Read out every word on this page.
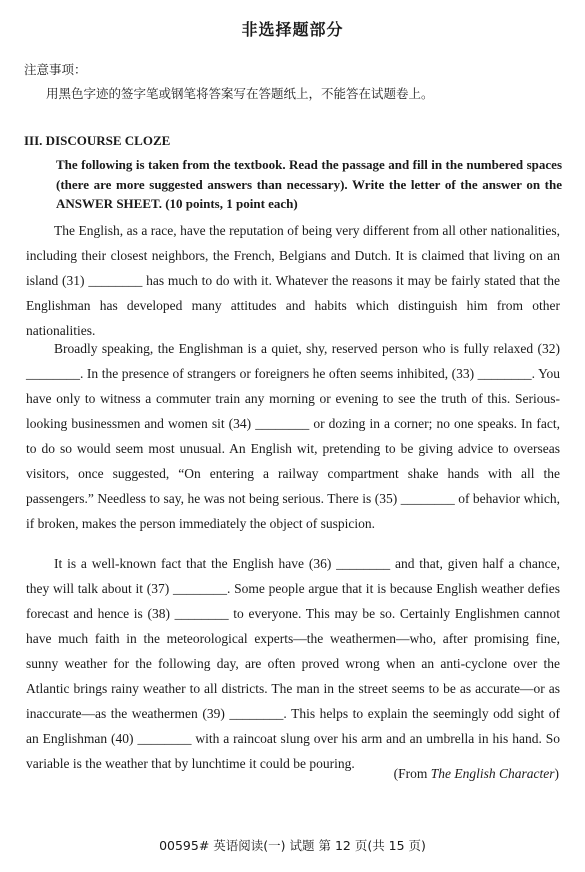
非选择题部分
注意事项：
用黑色字迹的签字笔或钢笔将答案写在答题纸上，不能答在试题卷上。
III. DISCOURSE CLOZE
The following is taken from the textbook. Read the passage and fill in the numbered spaces (there are more suggested answers than necessary). Write the letter of the answer on the ANSWER SHEET. (10 points, 1 point each)

The English, as a race, have the reputation of being very different from all other nationalities, including their closest neighbors, the French, Belgians and Dutch. It is claimed that living on an island (31) ________ has much to do with it. Whatever the reasons it may be fairly stated that the Englishman has developed many attitudes and habits which distinguish him from other nationalities.

Broadly speaking, the Englishman is a quiet, shy, reserved person who is fully relaxed (32) ________. In the presence of strangers or foreigners he often seems inhibited, (33) ________. You have only to witness a commuter train any morning or evening to see the truth of this. Serious-looking businessmen and women sit (34) ________ or dozing in a corner; no one speaks. In fact, to do so would seem most unusual. An English wit, pretending to be giving advice to overseas visitors, once suggested, “On entering a railway compartment shake hands with all the passengers.” Needless to say, he was not being serious. There is (35) ________ of behavior which, if broken, makes the person immediately the object of suspicion.

It is a well-known fact that the English have (36) ________ and that, given half a chance, they will talk about it (37) ________. Some people argue that it is because English weather defies forecast and hence is (38) ________ to everyone. This may be so. Certainly Englishmen cannot have much faith in the meteorological experts—the weathermen—who, after promising fine, sunny weather for the following day, are often proved wrong when an anti-cyclone over the Atlantic brings rainy weather to all districts. The man in the street seems to be as accurate—or as inaccurate—as the weathermen (39) ________. This helps to explain the seemingly odd sight of an Englishman (40) ________ with a raincoat slung over his arm and an umbrella in his hand. So variable is the weather that by lunchtime it could be pouring.

(From The English Character)
00595# 英语阅读(一) 试题 第 12 页(共 15 页)
